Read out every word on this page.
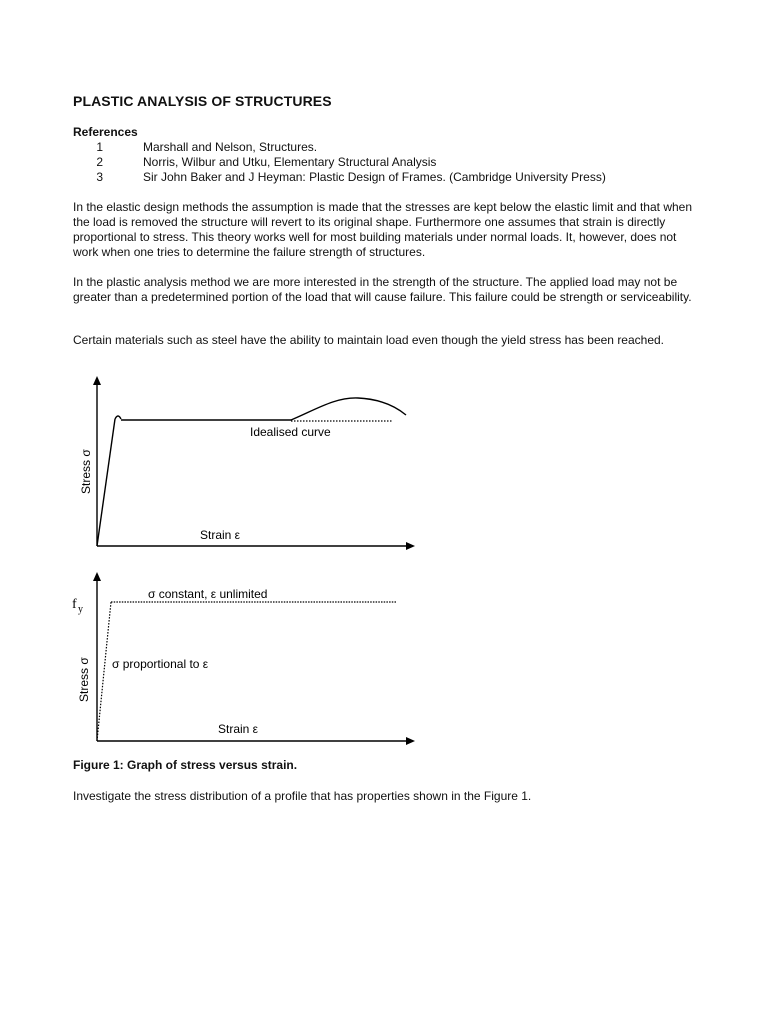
PLASTIC ANALYSIS OF STRUCTURES
References
1	Marshall and Nelson, Structures.
2	Norris, Wilbur and Utku, Elementary Structural Analysis
3	Sir John Baker and J Heyman: Plastic Design of Frames. (Cambridge University Press)

In the elastic design methods the assumption is made that the stresses are kept below the elastic limit and that when the load is removed the structure will revert to its original shape. Furthermore one assumes that strain is directly proportional to stress. This theory works well for most building materials under normal loads. It, however, does not work when one tries to determine the failure strength of structures.

In the plastic analysis method we are more interested in the strength of the structure. The applied load may not be greater than a predetermined portion of the load that will cause failure. This failure could be strength or serviceability.

Certain materials such as steel have the ability to maintain load even though the yield stress has been reached.

Idealised curve
Strain ε
Stress σ
σ constant, ε unlimited
σ proportional to ε
Strain ε
Stress σ
f y
Figure 1: Graph of stress versus strain.

Investigate the stress distribution of a profile that has properties shown in the Figure 1.
